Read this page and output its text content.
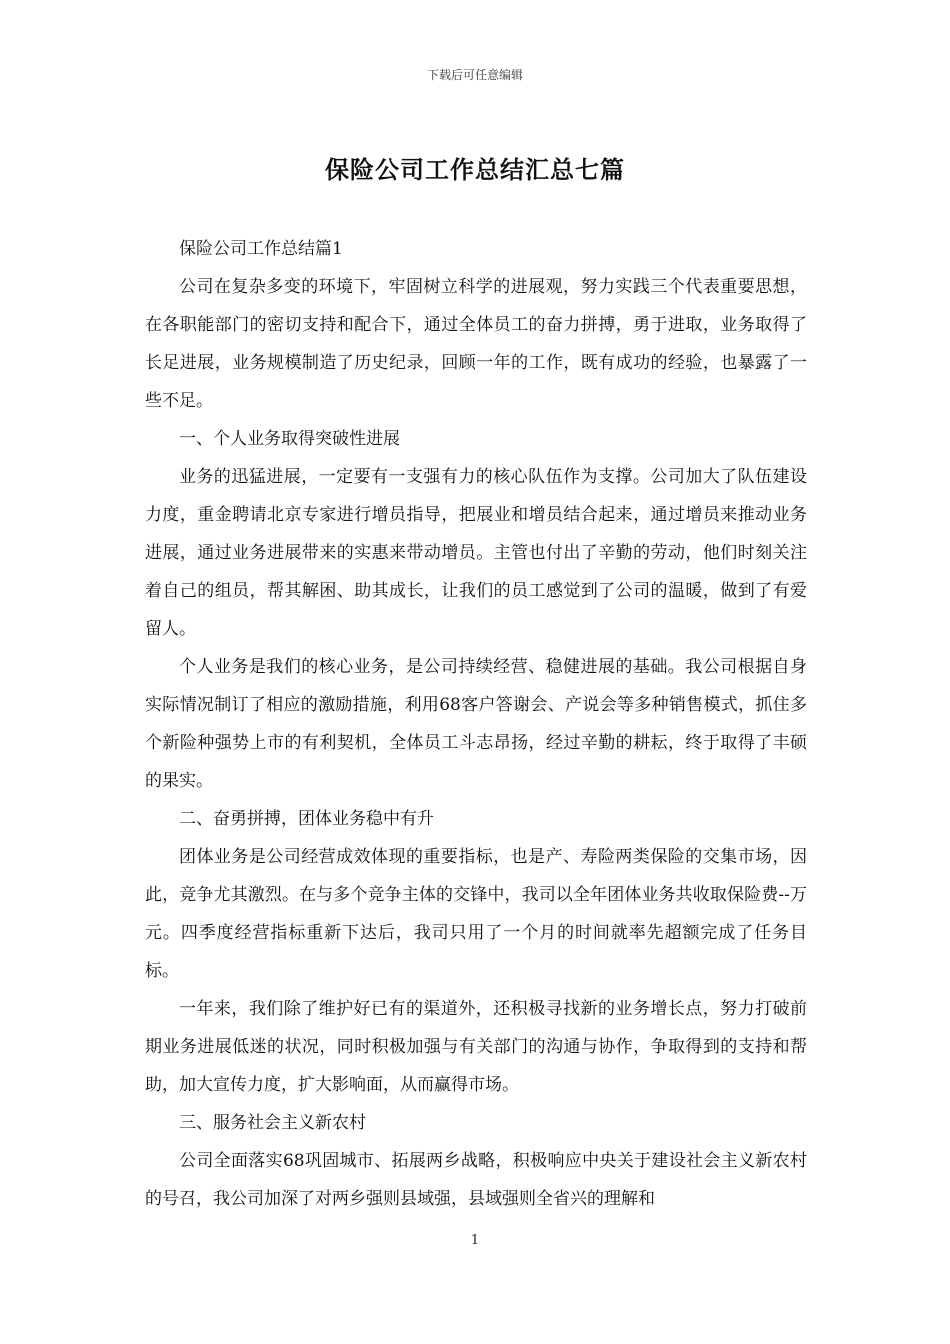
下载后可任意编辑
保险公司工作总结汇总七篇

保险公司工作总结篇1

公司在复杂多变的环境下，牢固树立科学的进展观，努力实践三个代表重要思想，在各职能部门的密切支持和配合下，通过全体员工的奋力拼搏，勇于进取，业务取得了长足进展，业务规模制造了历史纪录，回顾一年的工作，既有成功的经验，也暴露了一些不足。

一、个人业务取得突破性进展

业务的迅猛进展，一定要有一支强有力的核心队伍作为支撑。公司加大了队伍建设力度，重金聘请北京专家进行增员指导，把展业和增员结合起来，通过增员来推动业务进展，通过业务进展带来的实惠来带动增员。主管也付出了辛勤的劳动，他们时刻关注着自己的组员，帮其解困、助其成长，让我们的员工感觉到了公司的温暖，做到了有爱留人。

个人业务是我们的核心业务，是公司持续经营、稳健进展的基础。我公司根据自身实际情况制订了相应的激励措施，利用68客户答谢会、产说会等多种销售模式，抓住多个新险种强势上市的有利契机，全体员工斗志昂扬，经过辛勤的耕耘，终于取得了丰硕的果实。

二、奋勇拼搏，团体业务稳中有升

团体业务是公司经营成效体现的重要指标，也是产、寿险两类保险的交集市场，因此，竞争尤其激烈。在与多个竞争主体的交锋中，我司以全年团体业务共收取保险费--万元。四季度经营指标重新下达后，我司只用了一个月的时间就率先超额完成了任务目标。

一年来，我们除了维护好已有的渠道外，还积极寻找新的业务增长点，努力打破前期业务进展低迷的状况，同时积极加强与有关部门的沟通与协作，争取得到的支持和帮助，加大宣传力度，扩大影响面，从而赢得市场。

三、服务社会主义新农村

公司全面落实68巩固城市、拓展两乡战略，积极响应中央关于建设社会主义新农村的号召，我公司加深了对两乡强则县域强，县域强则全省兴的理解和

1
